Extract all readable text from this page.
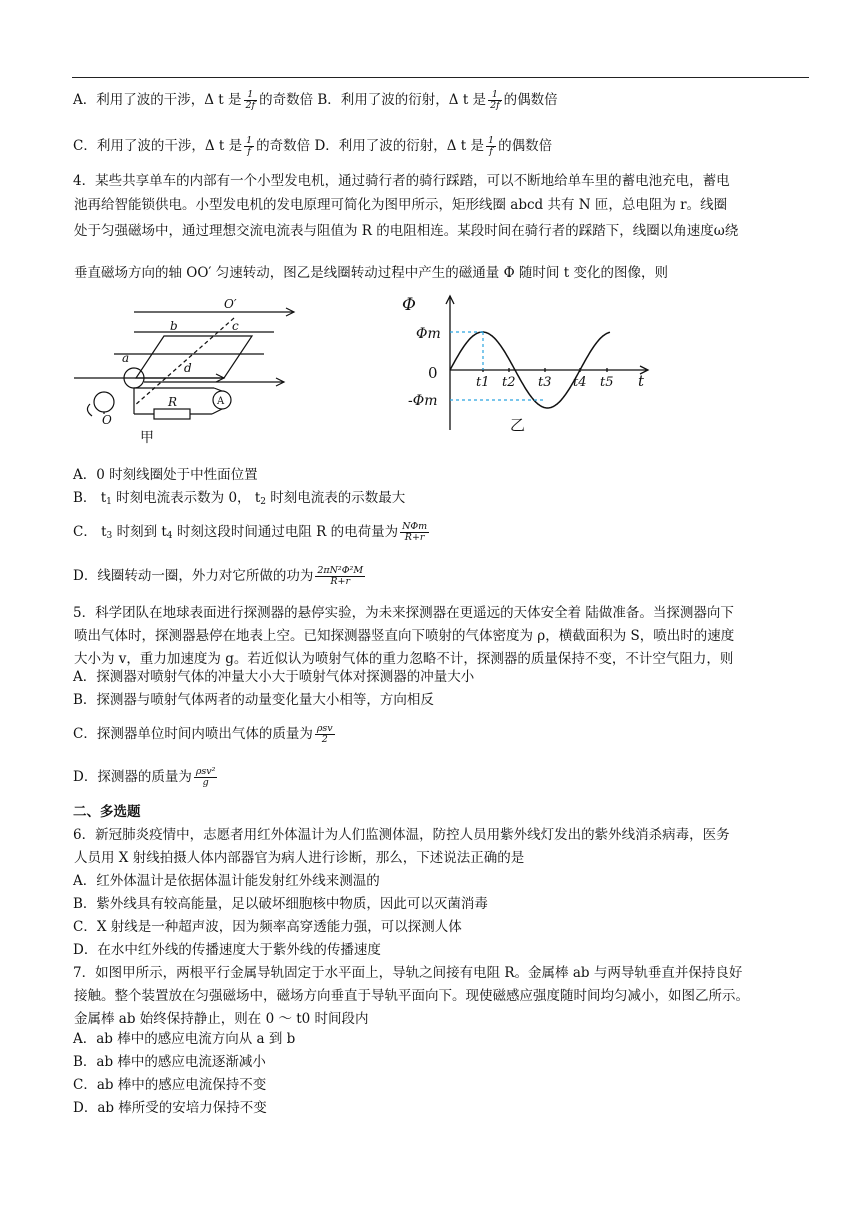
A．利用了波的干涉，Δ t 是 $\frac{1}{2f}$ 的奇数倍 B．利用了波的衍射，Δ t 是 $\frac{1}{2f}$ 的偶数倍
C．利用了波的干涉，Δ t 是 $\frac{1}{f}$ 的奇数倍 D．利用了波的衍射，Δ t 是 $\frac{1}{f}$ 的偶数倍
4．某些共享单车的内部有一个小型发电机，通过骑行者的骑行踩踏，可以不断地给单车里的蓄电池充电，蓄电
池再给智能锁供电。小型发电机的发电原理可简化为图甲所示，矩形线圈 abcd 共有 N 匝，总电阻为 r。线圈
处于匀强磁场中，通过理想交流电流表与阻值为 R 的电阻相连。某段时间在骑行者的踩踏下，线圈以角速度ω绕
垂直磁场方向的轴 OO′ 匀速转动，图乙是线圈转动过程中产生的磁通量 Φ 随时间 t 变化的图像，则
O′
b	c
a
d
R	A
O
甲
Φ
t
0
Φm
-Φm
t1 t2 t3 t4 t5
乙
A．0 时刻线圈处于中性面位置
B． $t_1$ 时刻电流表示数为 0， $t_2$ 时刻电流表的示数最大
C． $t_3$ 时刻到 $t_4$ 时刻这段时间通过电阻 R 的电荷量为 NΦm
R+r
D．线圈转动一圈，外力对它所做的功为 $\frac{\text{2πN²Φ²M}}{R+r}$
5．科学团队在地球表面进行探测器的悬停实验，为未来探测器在更遥远的天体安全着 陆做准备。当探测器向下
喷出气体时，探测器悬停在地表上空。已知探测器竖直向下喷射的气体密度为 ρ，横截面积为 S，喷出时的速度
大小为 v，重力加速度为 g。若近似认为喷射气体的重力忽略不计，探测器的质量保持不变，不计空气阻力，则
A．探测器对喷射气体的冲量大小大于喷射气体对探测器的冲量大小
B．探测器与喷射气体两者的动量变化量大小相等，方向相反
C．探测器单位时间内喷出气体的质量为 ρsv
2
D．探测器的质量为 ρsv²
g
二、多选题
6．新冠肺炎疫情中，志愿者用红外体温计为人们监测体温，防控人员用紫外线灯发出的紫外线消杀病毒，医务
人员用 X 射线拍摄人体内部器官为病人进行诊断，那么，下述说法正确的是
A．红外体温计是依据体温计能发射红外线来测温的
B．紫外线具有较高能量，足以破坏细胞核中物质，因此可以灭菌消毒
C．X 射线是一种超声波，因为频率高穿透能力强，可以探测人体
D．在水中红外线的传播速度大于紫外线的传播速度
7．如图甲所示，两根平行金属导轨固定于水平面上，导轨之间接有电阻 R。金属棒 ab 与两导轨垂直并保持良好
接触。整个装置放在匀强磁场中，磁场方向垂直于导轨平面向下。现使磁感应强度随时间均匀减小，如图乙所示。
金属棒 ab 始终保持静止，则在 0 ～ t0 时间段内
A．ab 棒中的感应电流方向从 a 到 b
B．ab 棒中的感应电流逐渐减小
C．ab 棒中的感应电流保持不变
D．ab 棒所受的安培力保持不变
